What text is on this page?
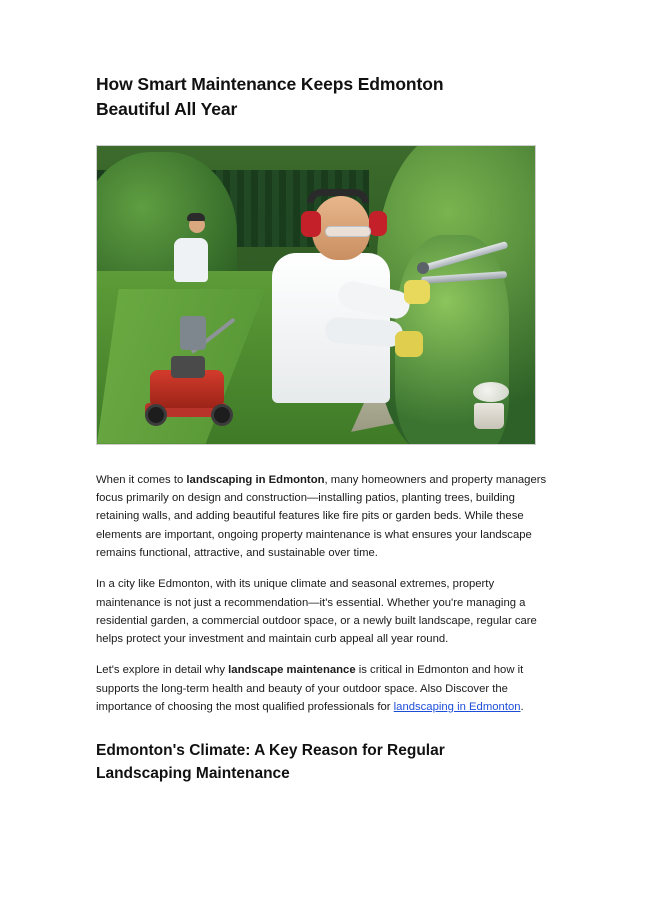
How Smart Maintenance Keeps Edmonton Beautiful All Year

When it comes to landscaping in Edmonton, many homeowners and property managers focus primarily on design and construction—installing patios, planting trees, building retaining walls, and adding beautiful features like fire pits or garden beds. While these elements are important, ongoing property maintenance is what ensures your landscape remains functional, attractive, and sustainable over time.

In a city like Edmonton, with its unique climate and seasonal extremes, property maintenance is not just a recommendation—it's essential. Whether you're managing a residential garden, a commercial outdoor space, or a newly built landscape, regular care helps protect your investment and maintain curb appeal all year round.

Let's explore in detail why landscape maintenance is critical in Edmonton and how it supports the long-term health and beauty of your outdoor space. Also Discover the importance of choosing the most qualified professionals for landscaping in Edmonton.

Edmonton's Climate: A Key Reason for Regular Landscaping Maintenance
